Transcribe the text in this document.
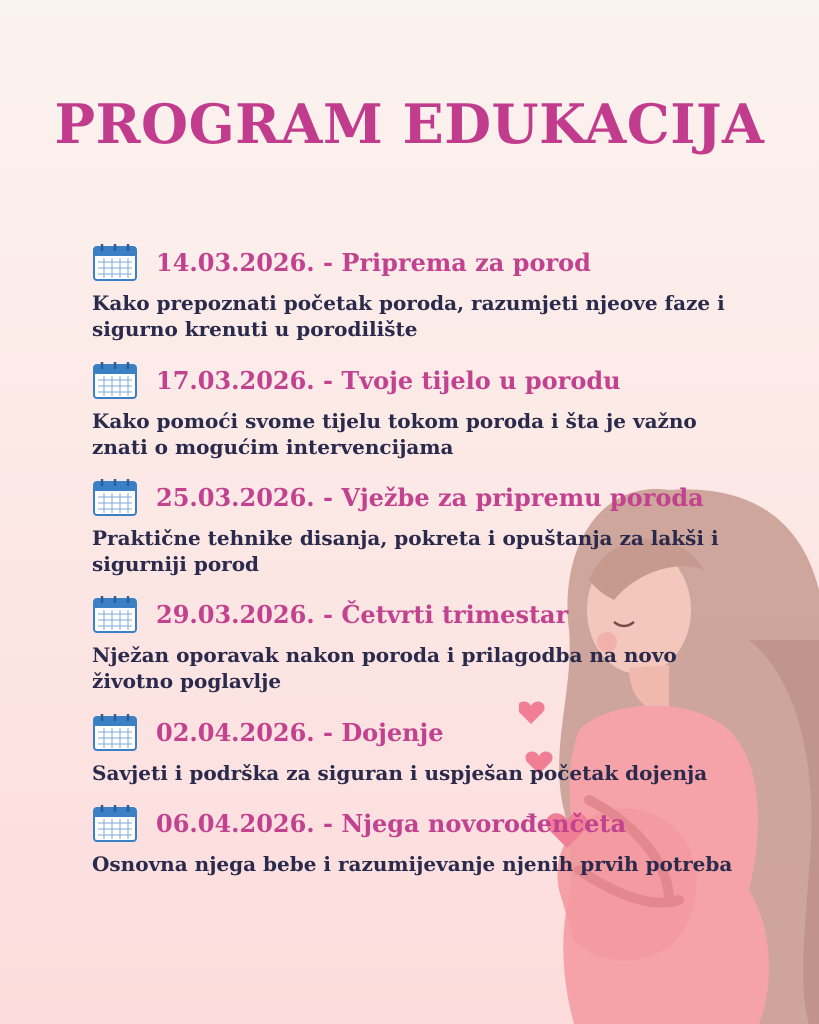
PROGRAM EDUKACIJA
14.03.2026. - Priprema za porod
Kako prepoznati početak poroda, razumjeti njeove faze i sigurno krenuti u porodilište
17.03.2026. - Tvoje tijelo u porodu
Kako pomoći svome tijelu tokom poroda i šta je važno znati o mogućim intervencijama
25.03.2026. - Vježbe za pripremu poroda
Praktične tehnike disanja, pokreta i opuštanja za lakši i sigurniji porod
29.03.2026. - Četvrti trimestar
Nježan oporavak nakon poroda i prilagodba na novo životno poglavlje
02.04.2026. - Dojenje
Savjeti i podrška za siguran i uspješan početak dojenja
06.04.2026. - Njega novorođenčeta
Osnovna njega bebe i razumijevanje njenih prvih potreba
